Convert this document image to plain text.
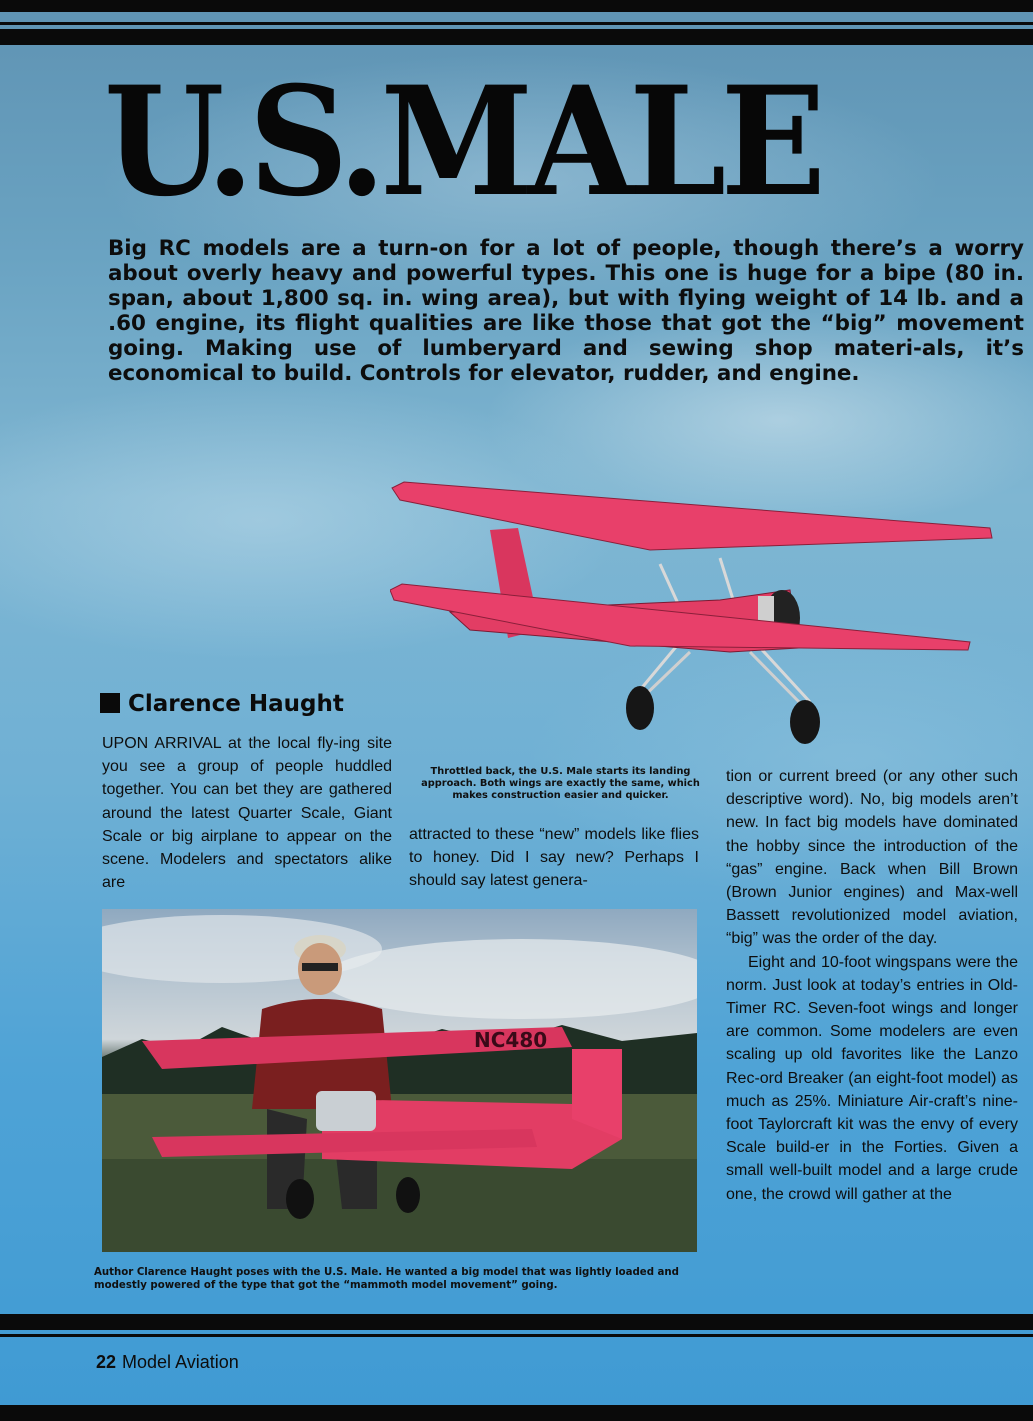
U.S.MALE
Big RC models are a turn-on for a lot of people, though there’s a worry about overly heavy and powerful types. This one is huge for a bipe (80 in. span, about 1,800 sq. in. wing area), but with flying weight of 14 lb. and a .60 engine, its flight qualities are like those that got the “big” movement going. Making use of lumberyard and sewing shop materi-als, it’s economical to build. Controls for elevator, rudder, and engine.
Clarence Haught
UPON ARRIVAL at the local fly-ing site you see a group of people huddled together. You can bet they are gathered around the latest Quarter Scale, Giant Scale or big airplane to appear on the scene. Modelers and spectators alike are
Throttled back, the U.S. Male starts its landing approach. Both wings are exactly the same, which makes construction easier and quicker.
attracted to these “new” models like flies to honey. Did I say new? Perhaps I should say latest genera-

tion or current breed (or any other such descriptive word). No, big models aren’t new. In fact big models have dominated the hobby since the introduction of the “gas” engine. Back when Bill Brown (Brown Junior engines) and Max-well Bassett revolutionized model aviation, “big” was the order of the day.

Eight and 10-foot wingspans were the norm. Just look at today’s entries in Old-Timer RC. Seven-foot wings and longer are common. Some modelers are even scaling up old favorites like the Lanzo Rec-ord Breaker (an eight-foot model) as much as 25%. Miniature Air-craft’s nine-foot Taylorcraft kit was the envy of every Scale build-er in the Forties. Given a small well-built model and a large crude one, the crowd will gather at the

NC480
Author Clarence Haught poses with the U.S. Male. He wanted a big model that was lightly loaded and modestly powered of the type that got the “mammoth model movement” going.
22 Model Aviation
